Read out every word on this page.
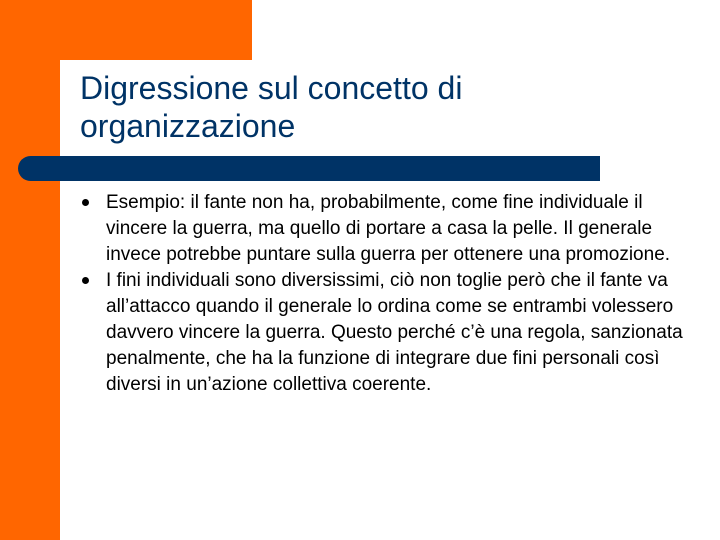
Digressione sul concetto di organizzazione
Esempio: il fante non ha, probabilmente, come fine individuale il vincere la guerra, ma quello di portare a casa la pelle. Il generale invece potrebbe puntare sulla guerra per ottenere una promozione.
I fini individuali sono diversissimi, ciò non toglie però che il fante va all’attacco quando il generale lo ordina come se entrambi volessero davvero vincere la guerra. Questo perché c’è una regola, sanzionata penalmente, che ha la funzione di integrare due fini personali così diversi in un’azione collettiva coerente.
